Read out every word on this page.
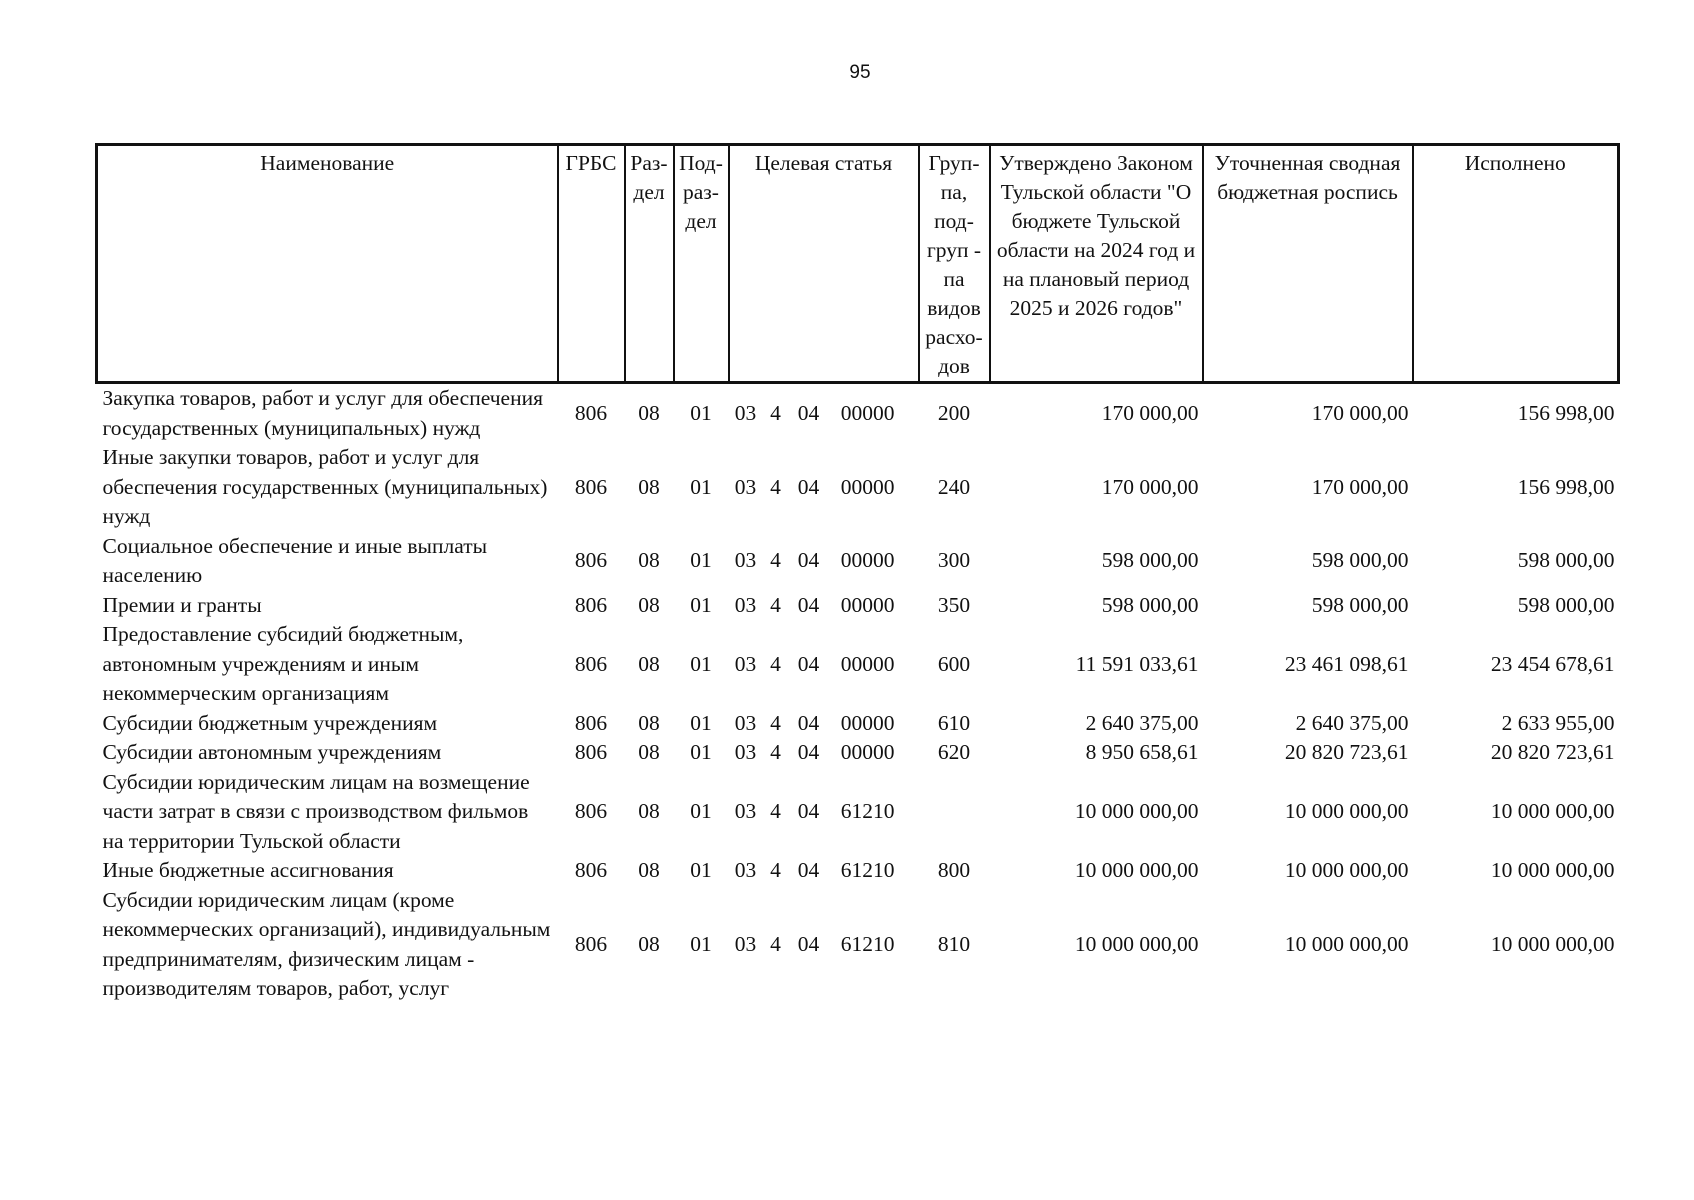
95
Наименование	ГРБС	Раз-дел	Под-раз-дел	Целевая статья	Груп-па, под-груп - па видов расхо-дов	Утверждено Законом Тульской области "О бюджете Тульской области на 2024 год и на плановый период 2025 и 2026 годов"	Уточненная сводная бюджетная роспись	Исполнено
Закупка товаров, работ и услуг для обеспечения государственных (муниципальных) нужд	806	08	01	03 4 04 00000	200	170 000,00	170 000,00	156 998,00
Иные закупки товаров, работ и услуг для обеспечения государственных (муниципальных) нужд	806	08	01	03 4 04 00000	240	170 000,00	170 000,00	156 998,00
Социальное обеспечение и иные выплаты населению	806	08	01	03 4 04 00000	300	598 000,00	598 000,00	598 000,00
Премии и гранты	806	08	01	03 4 04 00000	350	598 000,00	598 000,00	598 000,00
Предоставление субсидий бюджетным, автономным учреждениям и иным некоммерческим организациям	806	08	01	03 4 04 00000	600	11 591 033,61	23 461 098,61	23 454 678,61
Субсидии бюджетным учреждениям	806	08	01	03 4 04 00000	610	2 640 375,00	2 640 375,00	2 633 955,00
Субсидии автономным учреждениям	806	08	01	03 4 04 00000	620	8 950 658,61	20 820 723,61	20 820 723,61
Субсидии юридическим лицам на возмещение части затрат в связи с производством фильмов на территории Тульской области	806	08	01	03 4 04 61210		10 000 000,00	10 000 000,00	10 000 000,00
Иные бюджетные ассигнования	806	08	01	03 4 04 61210	800	10 000 000,00	10 000 000,00	10 000 000,00
Субсидии юридическим лицам (кроме некоммерческих организаций), индивидуальным предпринимателям, физическим лицам - производителям товаров, работ, услуг	806	08	01	03 4 04 61210	810	10 000 000,00	10 000 000,00	10 000 000,00
